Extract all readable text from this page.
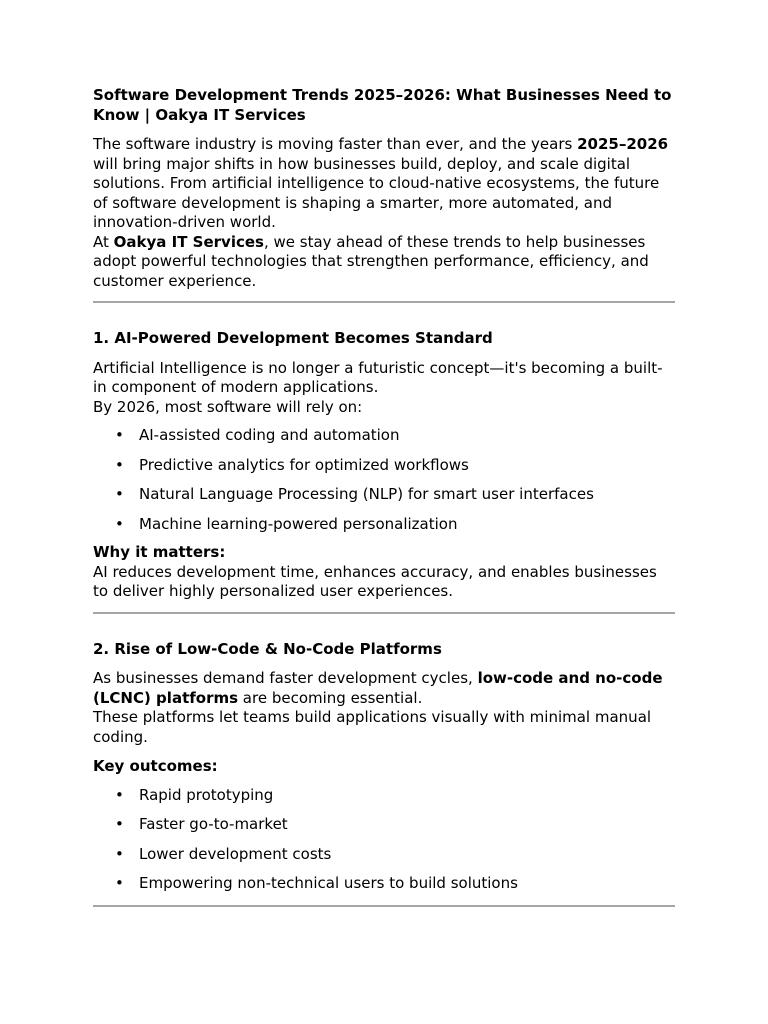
Software Development Trends 2025–2026: What Businesses Need to Know | Oakya IT Services

The software industry is moving faster than ever, and the years 2025–2026 will bring major shifts in how businesses build, deploy, and scale digital solutions. From artificial intelligence to cloud-native ecosystems, the future of software development is shaping a smarter, more automated, and innovation-driven world.

At Oakya IT Services, we stay ahead of these trends to help businesses adopt powerful technologies that strengthen performance, efficiency, and customer experience.

1. AI-Powered Development Becomes Standard

Artificial Intelligence is no longer a futuristic concept—it's becoming a built-in component of modern applications.

By 2026, most software will rely on:

• AI-assisted coding and automation
• Predictive analytics for optimized workflows
• Natural Language Processing (NLP) for smart user interfaces
• Machine learning-powered personalization

Why it matters:

AI reduces development time, enhances accuracy, and enables businesses to deliver highly personalized user experiences.

2. Rise of Low-Code & No-Code Platforms

As businesses demand faster development cycles, low-code and no-code (LCNC) platforms are becoming essential.

These platforms let teams build applications visually with minimal manual coding.

Key outcomes:

• Rapid prototyping
• Faster go-to-market
• Lower development costs
• Empowering non-technical users to build solutions
